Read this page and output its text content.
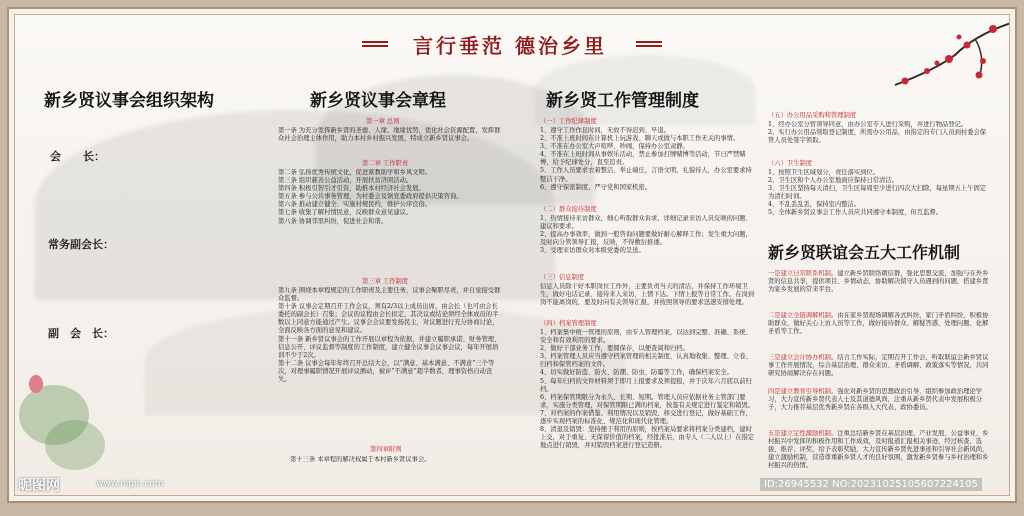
言行垂范 德治乡里
新乡贤议事会组织架构
会　　长：
常务副会长：
副　会　长：
新乡贤议事会章程
第一章 总则
第一条 为充分发挥新乡贤的圣德、人缘、地缘优势，优化社会资源配置，发挥群众社会治理主体作用，助力本村乡村振兴发展，特成立新乡贤议事会。
第二章 工作职责
第二条 弘扬优秀传统文化，促进紧教助学和乡风文明。
第三条 组织慈善公益活动，开展扶贫济困活动。
第四条 积极引智引才引资，助推本村经济社会发展。
第五条 参与公共事务管理，为村委会及镇党委政府提供决策咨询。
第六条 推动建立健全、实施村规民约，维护公序良俗。
第七条 收集了解村情民意，反映群众意见建议。
第八条 协调邻里纠纷，促进社会和谐。
第三章 工作制度
第九条 围绕本章程规定的工作职责及主要任务，议事会聚职尽责，并自觉接受群众监督。
第十条 议事会定期召开工作会议，须有2/3以上成员出席，由会长（也可由会长委托的副会长）召集；会议的议程由会长拟定，其决议或结论须经全体成员的半数以上同意方能通过产生。议事会会议要发扬民主，对议题进行充分协商讨论，全面反映各方面的意见和建议。
第十一条 新乡贤议事会的工作开展以章程为依据，并建立履职承诺、财务管理、信息公开、评议监督等制度的工作制度，建立健全议事会议事会议，每年开展培训不少于2次。
第十二条 议事会每年年终召开总结大会，以“满意、基本满意、不满意”三个等次，对理事履职情况开展评议测动，被评“不满意”超半数者，理事资格自动丧失。
第四章附则
第十三条 本章程的解决权属于本村新乡贤议事会。
新乡贤工作管理制度
（一）工作纪律制度
1、遵守工作作息时间，无故不得迟到、早退。
2、不准上班时间在计算机上玩游戏、聊天或做与本职工作无关的事情。
3、不准在办公室大声喧哗、吵闹，保持办公室肃静。
4、不准在上班时间从事娱乐活动，禁止参加打牌赌博等活动，节日严禁赌博，给予纪律处分，直至追责。
5、工作人员要求衣着整洁、举止端庄，言语文明，礼貌待人，办公室要求持整洁干净。
6、遵守保密制度，严守党和国家机密。
（二）群众接待制度
1、热情接待来访群众，细心听取群众诉求，详细记录来访人员反映的问题、建议和要求。
2、提高办事效率，做到一般咨询问题要做好耐心解释工作；发生重大问题，及时向分管领导汇报，反映，不得敷衍推诿。
3、受理来访群众对本级党委的呈送。
（三）信息制度
信息人员除干好本职岗位工作外，主要负责当天的清洁，并保持工作环境卫生，做好电话记录、接待来人来访，上情下达。下情上报等日常工作。在岗到岗不能离岗的，要及时向有关领导汇报，并按照领导的要求迅速安排处理。
（四）档案管理制度
1、档案集中统一管理的原则，由专人管理档案，以达到完整、准确、系统、安全和有效利用的要求。
2、做好干部业务工作，要圆保存，以便查阅和归档。
3、档案管理人员应当遵守档案管理的相关制度，认真地收集、整理、立卷、归档和保管档案的文件。
4、切实做好防盗、防火、防潮、防虫、防霉等工作，确保档案安全。
5、每年归档的文件材料须于即月上报要求及须提报，并于次年六月底以前归档。
6、档案保管期限分为永久、长期、短期。管理人员应依据业务主管部门要求，实施分类管理，对保管期限已满的档案，按鉴有关规定进行鉴定和销毁。
7、对档案的作案借鉴、利用情况以及销毁、移交进行登记，做好基础工作，逐步实现档案的标准化、规范化和现代化管理。
8、清退及销毁：坚持便于利用的原则，按档案局要求将档案分类建档，建时上交，对于重复、无保留价值的档案，经批准后，由专人（二人以上）在指定地点进行销毁，并对销毁档案进行登记造册。
（五）办公用品采购和管理制度
1、经办公室分管领导同意，由办公室专人进行采购，并进行物品登记。
2、实行办公用品领取登记制度，所需办公用品，由指定的专门人员到村委会保管人员处签字领取。
（六）卫生制度
1、按照卫生区域划分，责任落实到位。
2、卫生区和个人办公室地面应保持日常清洁。
3、卫生区坚持每天清扫，卫生区每周至少进行四次大扫除，每星期五上午固定为清扫时间。
4、不乱丢乱丢，保持室内整洁。
5、全体新乡贤议事会工作人员应共同遵守本制度，但互监督。
新乡贤联谊会五大工作机制
一是建立日常联系机制。建立新乡贤联络微信群，强化思想交流，加强与在外乡贤的信息共享，提供项目、乡情动态，协助解决留守人员遇到的问题，搭建乡贤为家乡发展的常来平台。
二是建立全链调解机制。由在家乡贤现场调解各式纠纷，家门矛盾纠纷，积极协助群众、做好关心上访人员等工作，做好接待群众、解疑答惑、处理问题、化解矛盾等工作。
三是建立会计协办机制。结合工作实际，定期召开工作会，听取联谊会新乡贤议事工作开展情况，综合基层治理、群众来访、矛盾调解、政策落实等情况，共同研究协商解决存在问题。
四是建立教育引导机制。强化对新乡贤的思想政治引导，组织参加政治理论学习，大力宣传新乡贤代表人士及其道德风尚，注重从新乡贤代表中发展积极分子，大力推荐基层优秀新乡贤在各级人大代表、政协委员。
五是建立定性激励机制。注重总结新乡贤在基层治理、产业发展、公益事业、乡村振兴中发挥的积极作用和工作成效，及时报道汇报相关事迹，经过核查、选拔、推荐、评奖，给予表彰奖励，大力宣传新乡贤先进事迹和引导社会新风尚，建立激励机制，营造尊重新乡贤人才的良好氛围，激发新乡贤参与乡村治理和乡村振兴的热情。
昵图网	www.nipic.com	ID:26945532 NO:20231025105607224105
